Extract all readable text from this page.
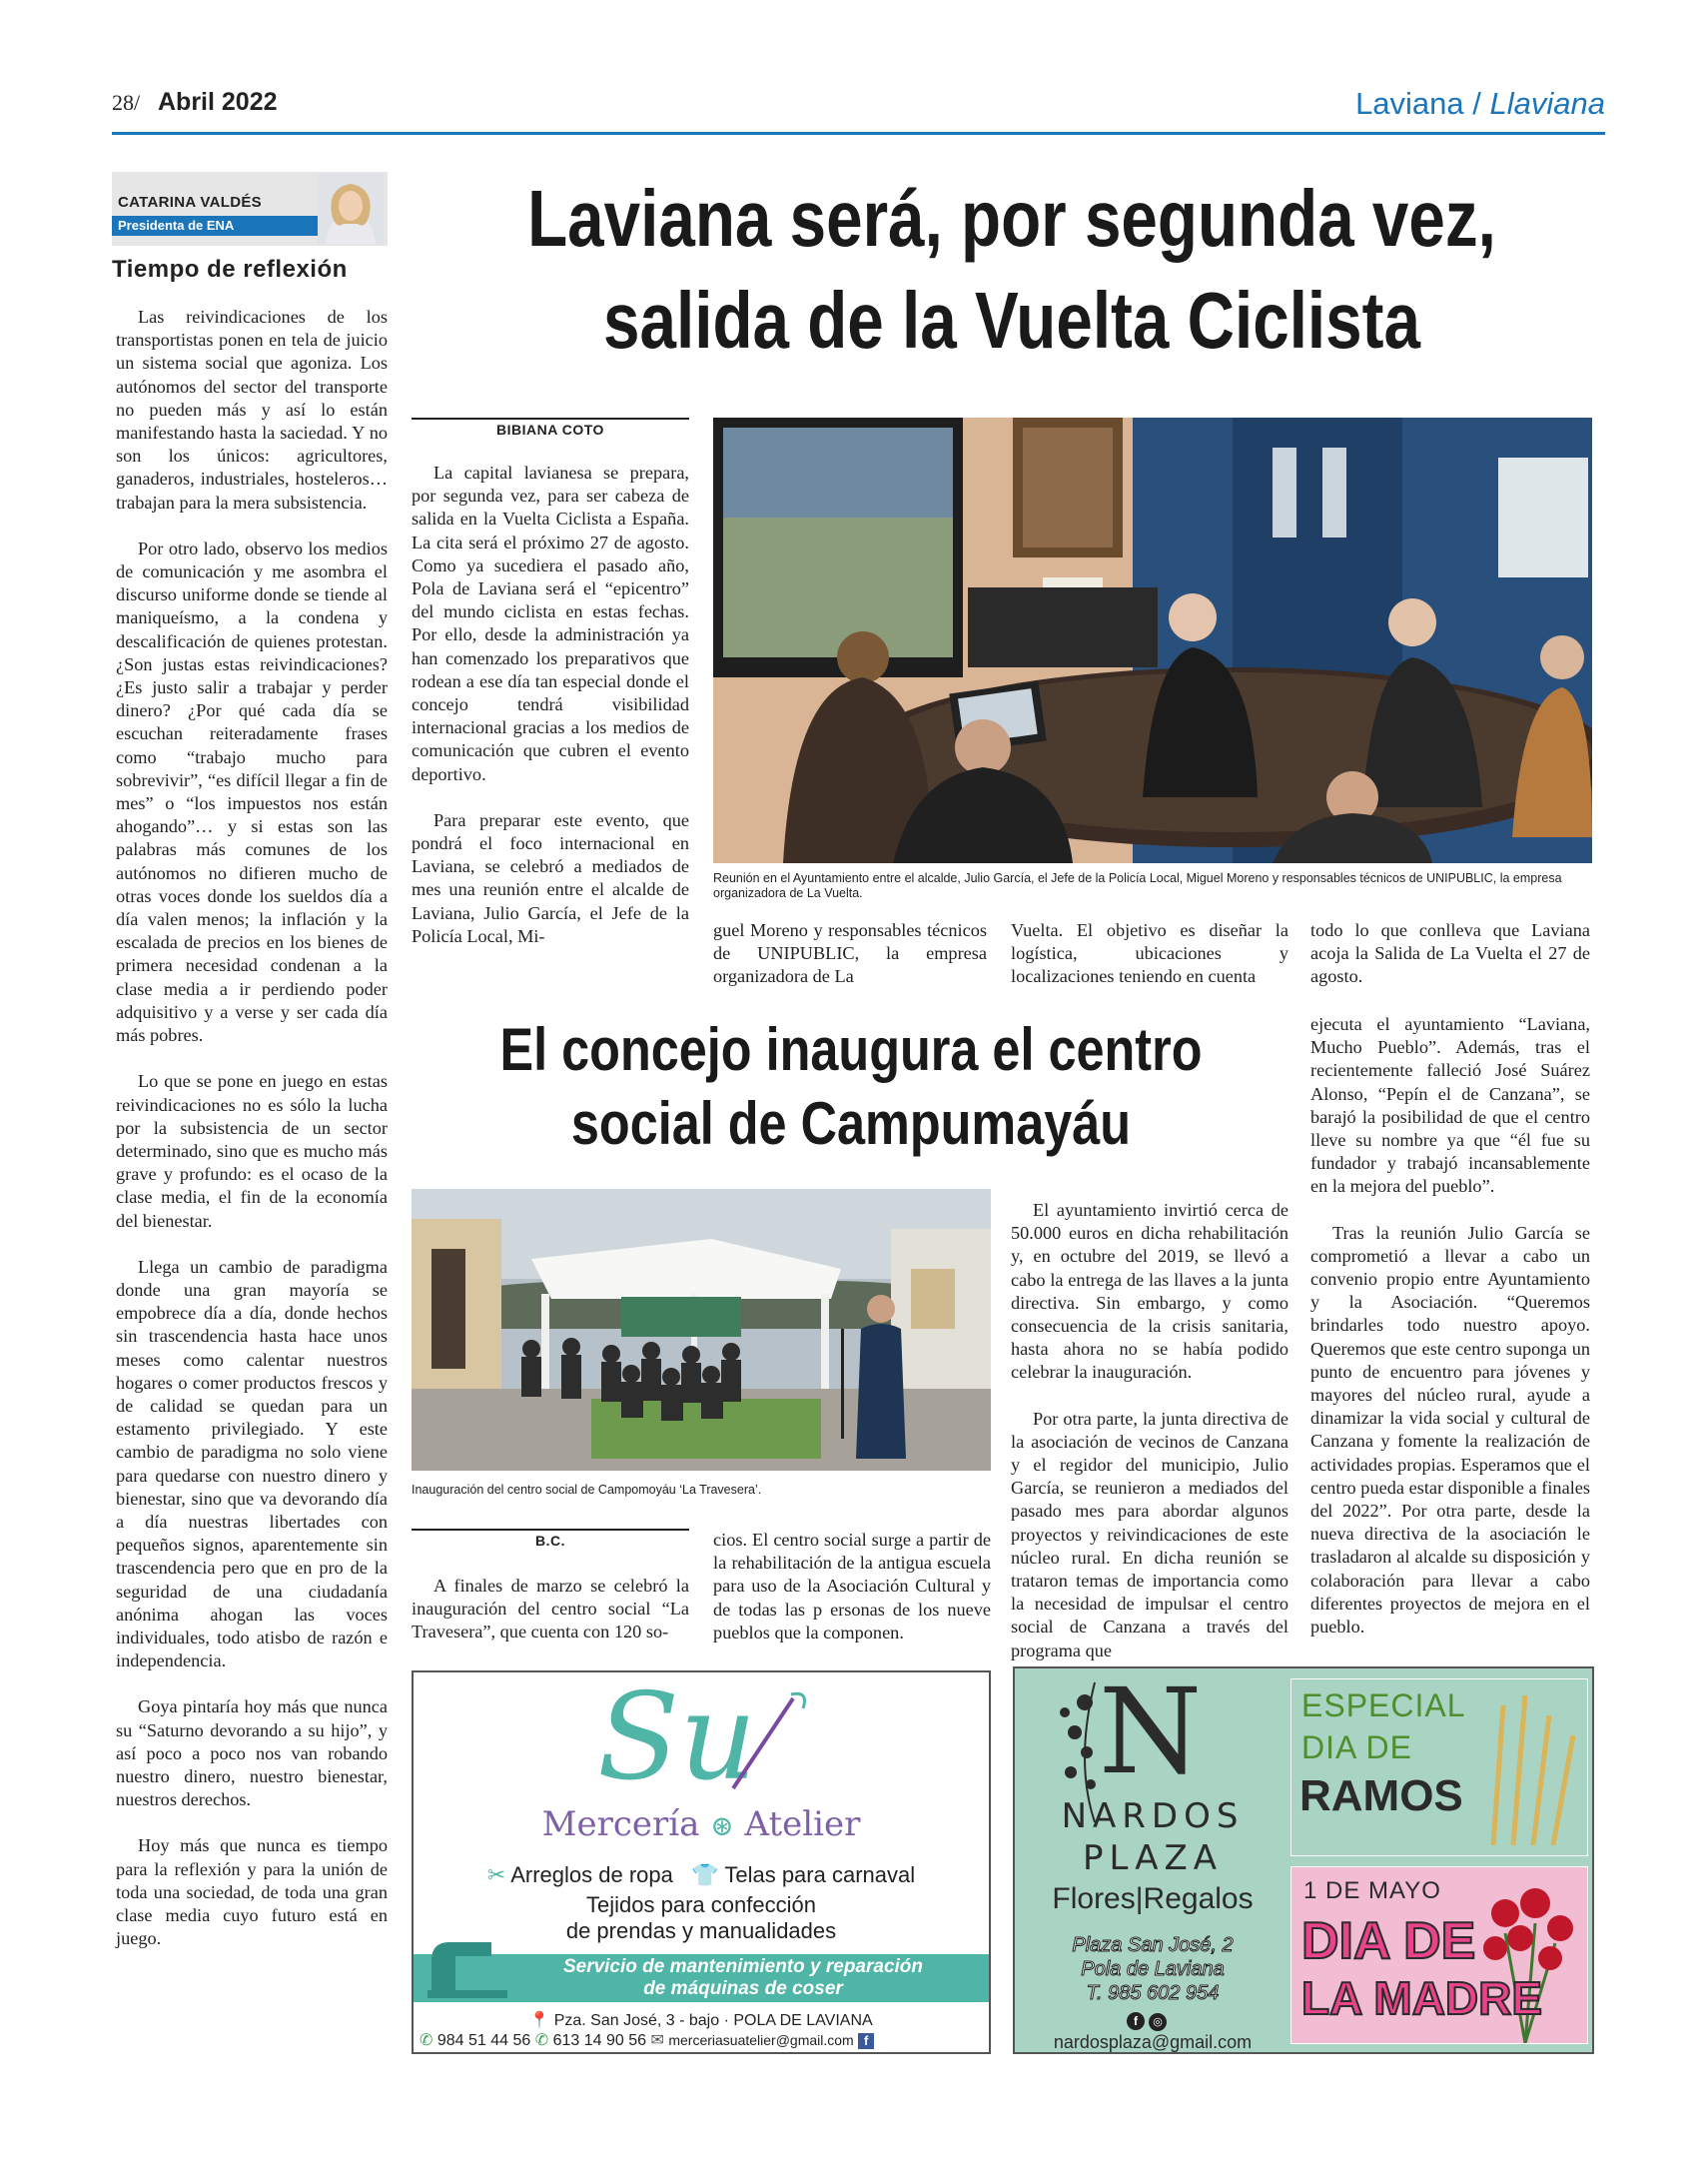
28/ Abril 2022	Laviana / Llaviana
CATARINA VALDÉS
Presidenta de ENA
Tiempo de reflexión

Las reivindicaciones de los transportistas ponen en tela de juicio un sistema social que agoniza. Los autónomos del sector del transporte no pueden más y así lo están manifestando hasta la saciedad. Y no son los únicos: agricultores, ganaderos, industriales, hosteleros… trabajan para la mera subsistencia.

Por otro lado, observo los medios de comunicación y me asombra el discurso uniforme donde se tiende al maniqueísmo, a la condena y descalificación de quienes protestan. ¿Son justas estas reivindicaciones? ¿Es justo salir a trabajar y perder dinero? ¿Por qué cada día se escuchan reiteradamente frases como “trabajo mucho para sobrevivir”, “es difícil llegar a fin de mes” o “los impuestos nos están ahogando”… y si estas son las palabras más comunes de los autónomos no difieren mucho de otras voces donde los sueldos día a día valen menos; la inflación y la escalada de precios en los bienes de primera necesidad condenan a la clase media a ir perdiendo poder adquisitivo y a verse y ser cada día más pobres.

Lo que se pone en juego en estas reivindicaciones no es sólo la lucha por la subsistencia de un sector determinado, sino que es mucho más grave y profundo: es el ocaso de la clase media, el fin de la economía del bienestar.

Llega un cambio de paradigma donde una gran mayoría se empobrece día a día, donde hechos sin trascendencia hasta hace unos meses como calentar nuestros hogares o comer productos frescos y de calidad se quedan para un estamento privilegiado. Y este cambio de paradigma no solo viene para quedarse con nuestro dinero y bienestar, sino que va devorando día a día nuestras libertades con pequeños signos, aparentemente sin trascendencia pero que en pro de la seguridad de una ciudadanía anónima ahogan las voces individuales, todo atisbo de razón e independencia.

Goya pintaría hoy más que nunca su “Saturno devorando a su hijo”, y así poco a poco nos van robando nuestro dinero, nuestro bienestar, nuestros derechos.

Hoy más que nunca es tiempo para la reflexión y para la unión de toda una sociedad, de toda una gran clase media cuyo futuro está en juego.

Laviana será, por segunda vez,
salida de la Vuelta Ciclista
BIBIANA COTO

La capital lavianesa se prepara, por segunda vez, para ser cabeza de salida en la Vuelta Ciclista a España. La cita será el próximo 27 de agosto. Como ya sucediera el pasado año, Pola de Laviana será el “epicentro” del mundo ciclista en estas fechas. Por ello, desde la administración ya han comenzado los preparativos que rodean a ese día tan especial donde el concejo tendrá visibilidad internacional gracias a los medios de comunicación que cubren el evento deportivo.

Para preparar este evento, que pondrá el foco internacional en Laviana, se celebró a mediados de mes una reunión entre el alcalde de Laviana, Julio García, el Jefe de la Policía Local, Mi-

Reunión en el Ayuntamiento entre el alcalde, Julio García, el Jefe de la Policía Local, Miguel Moreno y responsables técnicos de UNIPUBLIC, la empresa organizadora de La Vuelta.
guel Moreno y responsables técnicos de UNIPUBLIC, la empresa organizadora de La
Vuelta. El objetivo es diseñar la logística, ubicaciones y localizaciones teniendo en cuenta
todo lo que conlleva que Laviana acoja la Salida de La Vuelta el 27 de agosto.
El concejo inaugura el centro
social de Campumayáu
Inauguración del centro social de Campomoyáu ‘La Travesera’.
B.C.

A finales de marzo se celebró la inauguración del centro social “La Travesera”, que cuenta con 120 so-

cios. El centro social surge a partir de la rehabilitación de la antigua escuela para uso de la Asociación Cultural y de todas las p ersonas de los nueve pueblos que la componen.

El ayuntamiento invirtió cerca de 50.000 euros en dicha rehabilitación y, en octubre del 2019, se llevó a cabo la entrega de las llaves a la junta directiva. Sin embargo, y como consecuencia de la crisis sanitaria, hasta ahora no se había podido celebrar la inauguración.

Por otra parte, la junta directiva de la asociación de vecinos de Canzana y el regidor del municipio, Julio García, se reunieron a mediados del pasado mes para abordar algunos proyectos y reivindicaciones de este núcleo rural. En dicha reunión se trataron temas de importancia como la necesidad de impulsar el centro social de Canzana a través del programa que

ejecuta el ayuntamiento “Laviana, Mucho Pueblo”. Además, tras el recientemente falleció José Suárez Alonso, “Pepín el de Canzana”, se barajó la posibilidad de que el centro lleve su nombre ya que “él fue su fundador y trabajó incansablemente en la mejora del pueblo”.

Tras la reunión Julio García se comprometió a llevar a cabo un convenio propio entre Ayuntamiento y la Asociación. “Queremos brindarles todo nuestro apoyo. Queremos que este centro suponga un punto de encuentro para jóvenes y mayores del núcleo rural, ayude a dinamizar la vida social y cultural de Canzana y fomente la realización de actividades propias. Esperamos que el centro pueda estar disponible a finales del 2022”. Por otra parte, desde la nueva directiva de la asociación le trasladaron al alcalde su disposición y colaboración para llevar a cabo diferentes proyectos de mejora en el pueblo.

Su
Mercería ⊛ Atelier
✂ Arreglos de ropa 👕 Telas para carnaval
Tejidos para confección
de prendas y manualidades
Servicio de mantenimiento y reparación
de máquinas de coser
📍 Pza. San José, 3 - bajo · POLA DE LAVIANA
✆ 984 51 44 56 ✆ 613 14 90 56 ✉ merceriasuatelier@gmail.com f
N
NARDOS
PLAZA
Flores|Regalos
Plaza San José, 2
Pola de Laviana
T. 985 602 954
f ◎
nardosplaza@gmail.com
ESPECIAL
DIA DE
RAMOS
1 DE MAYO
DIA DE
LA MADRE
